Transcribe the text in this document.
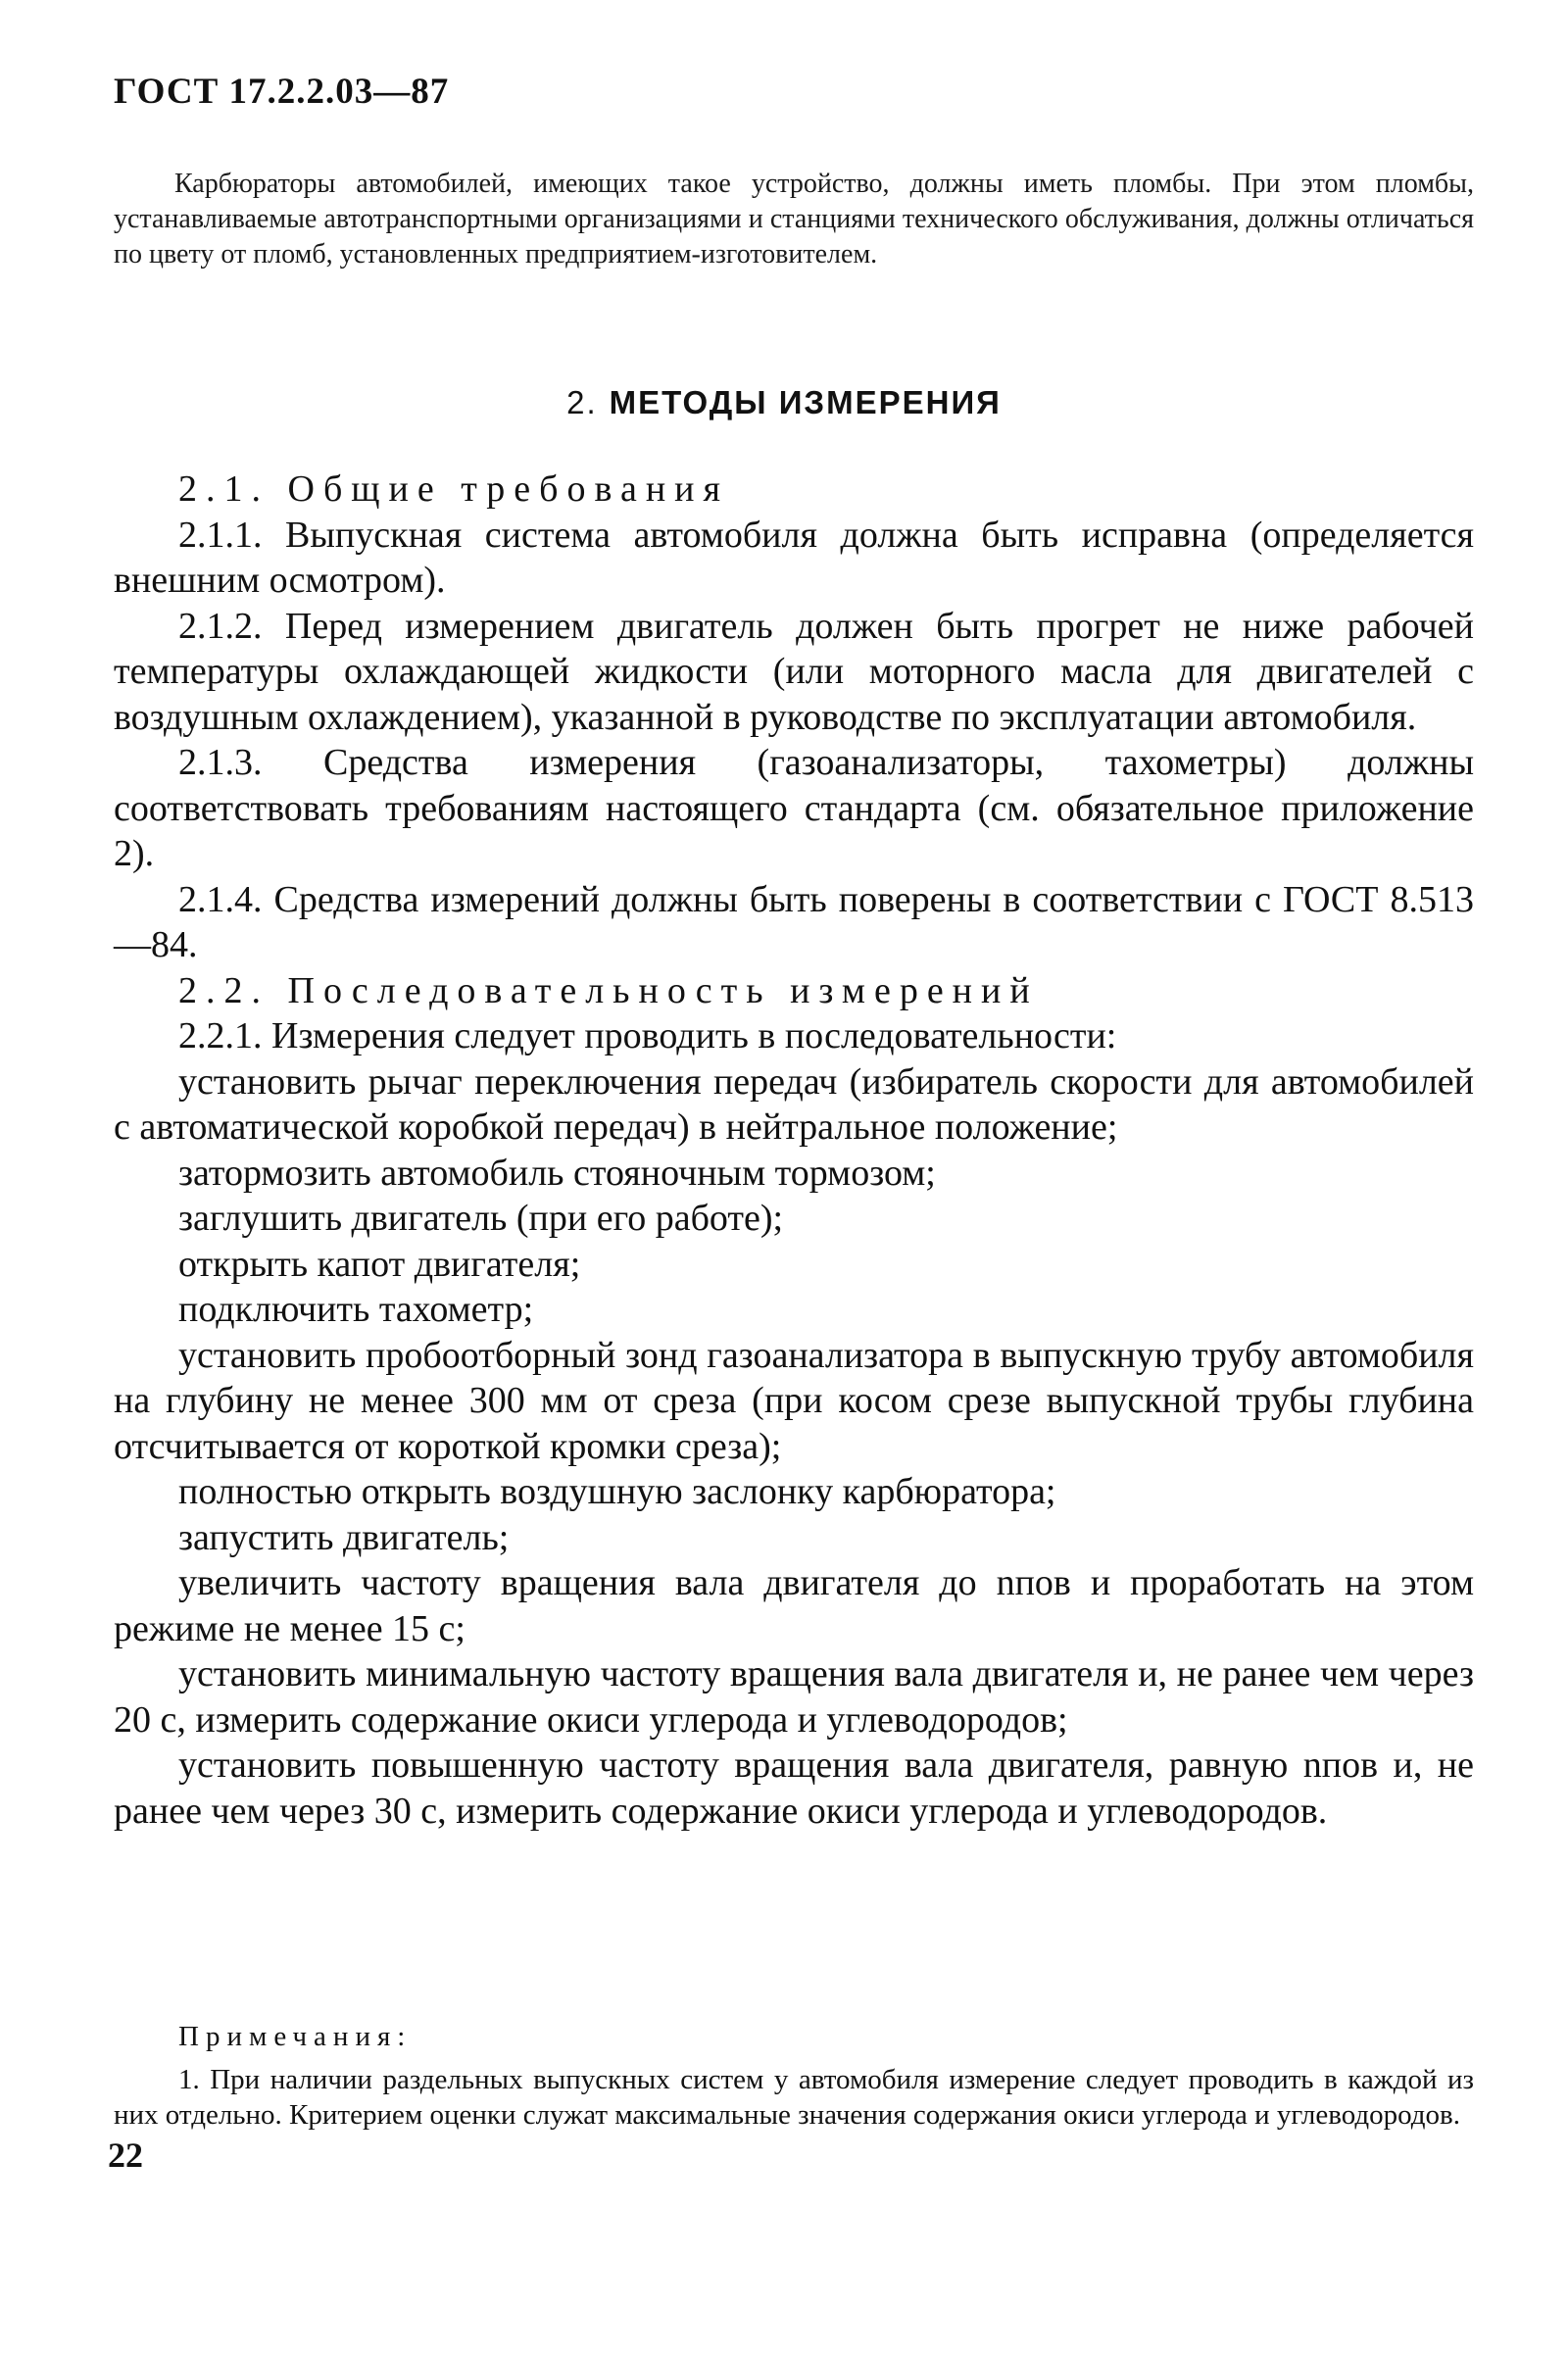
ГОСТ 17.2.2.03—87

Карбюраторы автомобилей, имеющих такое устройство, должны иметь пломбы. При этом пломбы, устанавливаемые автотранспортными организациями и станциями технического обслуживания, должны отличаться по цвету от пломб, установленных предприятием-изготовителем.

2. МЕТОДЫ ИЗМЕРЕНИЯ

2.1. Общие требования

2.1.1. Выпускная система автомобиля должна быть исправна (определяется внешним осмотром).

2.1.2. Перед измерением двигатель должен быть прогрет не ниже рабочей температуры охлаждающей жидкости (или моторного масла для двигателей с воздушным охлаждением), указанной в руководстве по эксплуатации автомобиля.

2.1.3. Средства измерения (газоанализаторы, тахометры) должны соответствовать требованиям настоящего стандарта (см. обязательное приложение 2).

2.1.4. Средства измерений должны быть поверены в соответствии с ГОСТ 8.513—84.

2.2. Последовательность измерений

2.2.1. Измерения следует проводить в последовательности:

установить рычаг переключения передач (избиратель скорости для автомобилей с автоматической коробкой передач) в нейтральное положение;

затормозить автомобиль стояночным тормозом;

заглушить двигатель (при его работе);

открыть капот двигателя;

подключить тахометр;

установить пробоотборный зонд газоанализатора в выпускную трубу автомобиля на глубину не менее 300 мм от среза (при косом срезе выпускной трубы глубина отсчитывается от короткой кромки среза);

полностью открыть воздушную заслонку карбюратора;

запустить двигатель;

увеличить частоту вращения вала двигателя до nпов и проработать на этом режиме не менее 15 с;

установить минимальную частоту вращения вала двигателя и, не ранее чем через 20 с, измерить содержание окиси углерода и углеводородов;

установить повышенную частоту вращения вала двигателя, равную nпов и, не ранее чем через 30 с, измерить содержание окиси углерода и углеводородов.

Примечания:

1. При наличии раздельных выпускных систем у автомобиля измерение следует проводить в каждой из них отдельно. Критерием оценки служат максимальные значения содержания окиси углерода и углеводородов.

22
